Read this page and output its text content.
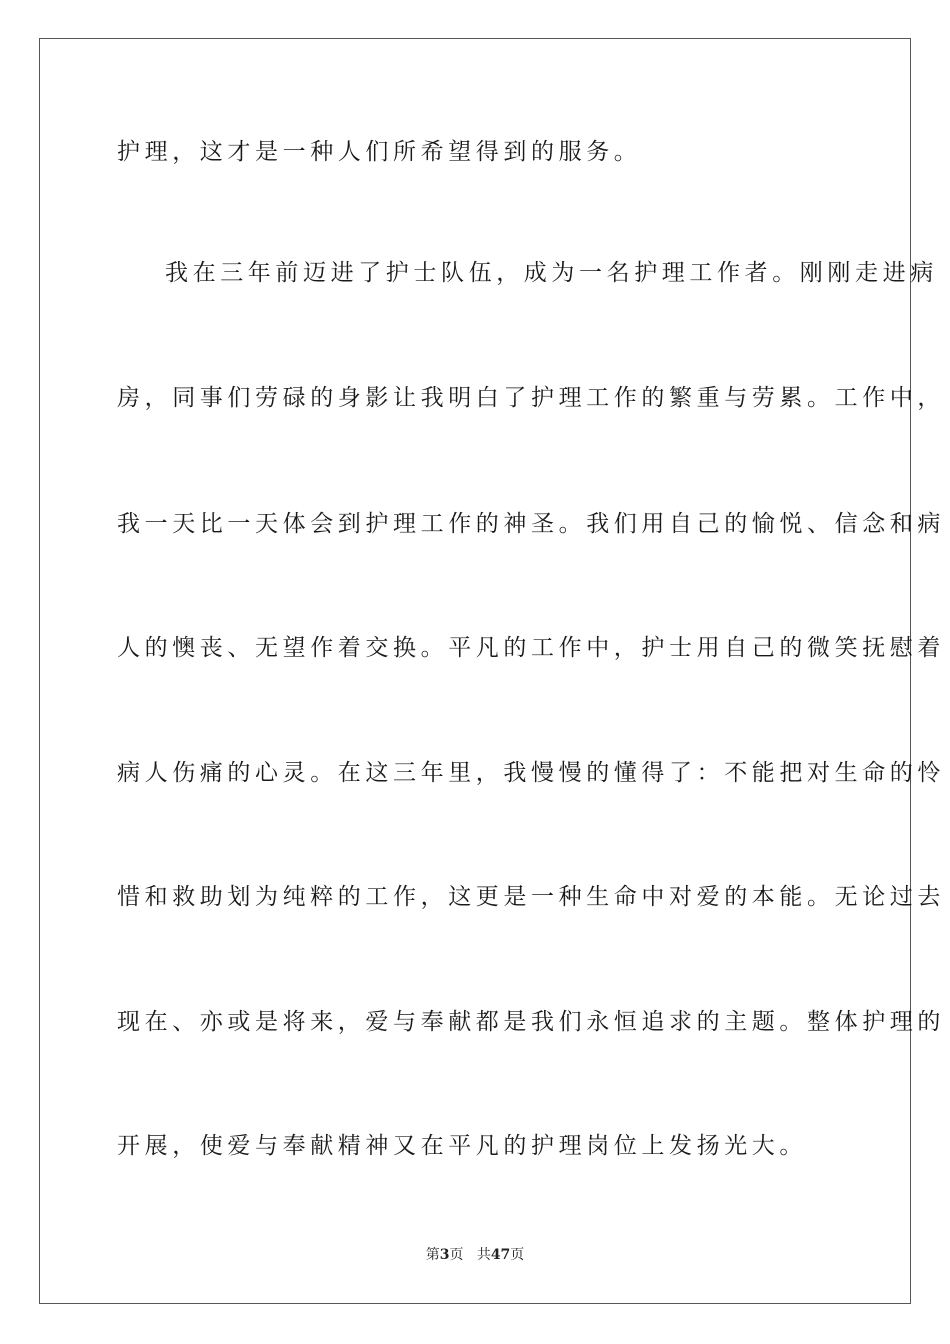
护理，这才是一种人们所希望得到的服务。
我在三年前迈进了护士队伍，成为一名护理工作者。刚刚走进病
房，同事们劳碌的身影让我明白了护理工作的繁重与劳累。工作中，
我一天比一天体会到护理工作的神圣。我们用自己的愉悦、信念和病
人的懊丧、无望作着交换。平凡的工作中，护士用自己的微笑抚慰着
病人伤痛的心灵。在这三年里，我慢慢的懂得了：不能把对生命的怜
惜和救助划为纯粹的工作，这更是一种生命中对爱的本能。无论过去
现在、亦或是将来，爱与奉献都是我们永恒追求的主题。整体护理的
开展，使爱与奉献精神又在平凡的护理岗位上发扬光大。
第3页 共47页
